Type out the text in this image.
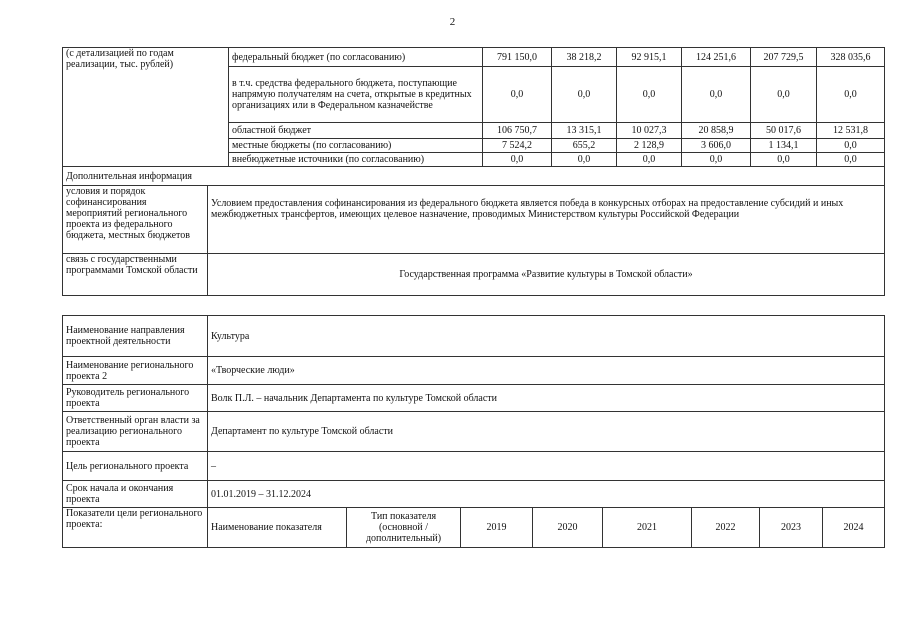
2
(с детализацией по годам реализации, тыс. рублей)		федеральный бюджет (по согласованию)	791 150,0	38 218,2	92 915,1	124 251,6	207 729,5	328 035,6
		в т.ч. средства федерального бюджета, поступающие напрямую получателям на счета, открытые в кредитных организациях или в Федеральном казначействе	0,0	0,0	0,0	0,0	0,0	0,0
		областной бюджет	106 750,7	13 315,1	10 027,3	20 858,9	50 017,6	12 531,8
		местные бюджеты (по согласованию)	7 524,2	655,2	2 128,9	3 606,0	1 134,1	0,0
		внебюджетные источники (по согласованию)	0,0	0,0	0,0	0,0	0,0	0,0
Дополнительная информация								
условия и порядок софинансирования мероприятий регионального проекта из федерального бюджета, местных бюджетов	Условием предоставления софинансирования из федерального бюджета является победа в конкурсных отборах на предоставление субсидий и иных межбюджетных трансфертов, имеющих целевое назначение, проводимых Министерством культуры Российской Федерации							
связь с государственными программами Томской области	Государственная программа «Развитие культуры в Томской области»							
Наименование направления проектной деятельности	Культура							
Наименование регионального проекта 2	«Творческие люди»							
Руководитель регионального проекта	Волк П.Л. – начальник Департамента по культуре Томской области							
Ответственный орган власти за реализацию регионального проекта	Департамент по культуре Томской области							
Цель регионального проекта	–							
Срок начала и окончания проекта	01.01.2019 – 31.12.2024							
Показатели цели регионального проекта:	Наименование показателя	Тип показателя (основной /дополнительный)	2019	2020	2021	2022	2023	2024
